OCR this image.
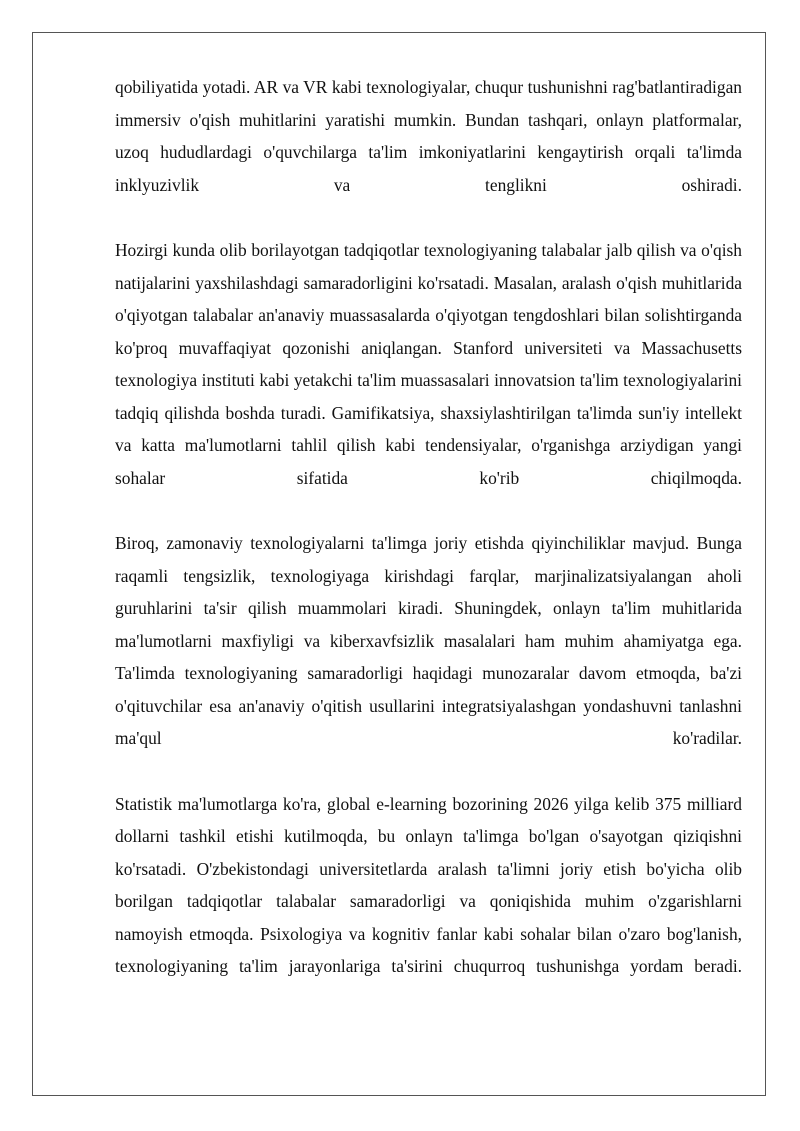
qobiliyatida yotadi. AR va VR kabi texnologiyalar, chuqur tushunishni rag'batlantiradigan immersiv o'qish muhitlarini yaratishi mumkin. Bundan tashqari, onlayn platformalar, uzoq hududlardagi o'quvchilarga ta'lim imkoniyatlarini kengaytirish orqali ta'limda inklyuzivlik va tenglikni oshiradi.

Hozirgi kunda olib borilayotgan tadqiqotlar texnologiyaning talabalar jalb qilish va o'qish natijalarini yaxshilashdagi samaradorligini ko'rsatadi. Masalan, aralash o'qish muhitlarida o'qiyotgan talabalar an'anaviy muassasalarda o'qiyotgan tengdoshlari bilan solishtirganda ko'proq muvaffaqiyat qozonishi aniqlangan. Stanford universiteti va Massachusetts texnologiya instituti kabi yetakchi ta'lim muassasalari innovatsion ta'lim texnologiyalarini tadqiq qilishda boshda turadi. Gamifikatsiya, shaxsiylashtirilgan ta'limda sun'iy intellekt va katta ma'lumotlarni tahlil qilish kabi tendensiyalar, o'rganishga arziydigan yangi sohalar sifatida ko'rib chiqilmoqda.

Biroq, zamonaviy texnologiyalarni ta'limga joriy etishda qiyinchiliklar mavjud. Bunga raqamli tengsizlik, texnologiyaga kirishdagi farqlar, marjinalizatsiyalangan aholi guruhlarini ta'sir qilish muammolari kiradi. Shuningdek, onlayn ta'lim muhitlarida ma'lumotlarni maxfiyligi va kiberxavfsizlik masalalari ham muhim ahamiyatga ega. Ta'limda texnologiyaning samaradorligi haqidagi munozaralar davom etmoqda, ba'zi o'qituvchilar esa an'anaviy o'qitish usullarini integratsiyalashgan yondashuvni tanlashni ma'qul ko'radilar.

Statistik ma'lumotlarga ko'ra, global e-learning bozorining 2026 yilga kelib 375 milliard dollarni tashkil etishi kutilmoqda, bu onlayn ta'limga bo'lgan o'sayotgan qiziqishni ko'rsatadi. O'zbekistondagi universitetlarda aralash ta'limni joriy etish bo'yicha olib borilgan tadqiqotlar talabalar samaradorligi va qoniqishida muhim o'zgarishlarni namoyish etmoqda. Psixologiya va kognitiv fanlar kabi sohalar bilan o'zaro bog'lanish, texnologiyaning ta'lim jarayonlariga ta'sirini chuqurroq tushunishga yordam beradi.
